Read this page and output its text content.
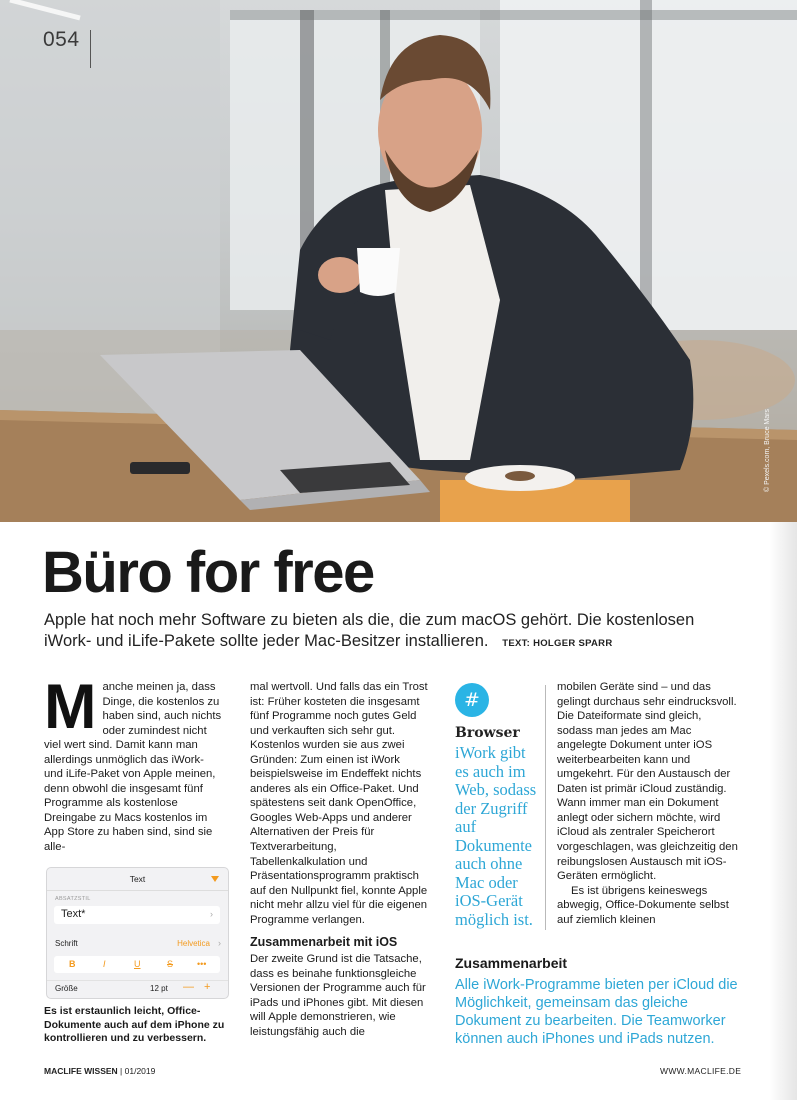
© Pexels.com, Bruce Mars
054
Büro for free
Apple hat noch mehr Software zu bieten als die, die zum macOS gehört. Die kostenlosen iWork- und iLife-Pakete sollte jeder Mac-Besitzer installieren. TEXT: HOLGER SPARR
M anche meinen ja, dass Dinge, die kostenlos zu haben sind, auch nichts oder zumindest nicht viel wert sind. Damit kann man allerdings unmöglich das iWork- und iLife-Paket von Apple meinen, denn obwohl die insgesamt fünf Programme als kostenlose Dreingabe zu Macs kostenlos im App Store zu haben sind, sind sie alle-

Text
ABSATZSTIL
Text*	›
Schrift	Helvetica ›
B	I	U	S	•••
Größe	12 pt — +
Es ist erstaunlich leicht, Office-Dokumente auch auf dem iPhone zu kontrollieren und zu verbessern.

mal wertvoll. Und falls das ein Trost ist: Früher kosteten die insgesamt fünf Programme noch gutes Geld und verkauften sich sehr gut. Kostenlos wurden sie aus zwei Gründen: Zum einen ist iWork beispielsweise im Endeffekt nichts anderes als ein Office-Paket. Und spätestens seit dank OpenOffice, Googles Web-Apps und anderer Alternativen der Preis für Textverarbeitung, Tabellenkalkulation und Präsentationsprogramm praktisch auf den Nullpunkt fiel, konnte Apple nicht mehr allzu viel für die eigenen Programme verlangen.

Zusammenarbeit mit iOS

Der zweite Grund ist die Tatsache, dass es beinahe funktionsgleiche Versionen der Programme auch für iPads und iPhones gibt. Mit diesen will Apple demonstrieren, wie leistungsfähig auch die

#
Browser
iWork gibt es auch im Web, sodass der Zugriff auf Dokumente auch ohne Mac oder iOS-Gerät möglich ist.

mobilen Geräte sind – und das gelingt durchaus sehr eindrucksvoll. Die Dateiformate sind gleich, sodass man jedes am Mac angelegte Dokument unter iOS weiterbearbeiten kann und umgekehrt. Für den Austausch der Daten ist primär iCloud zuständig. Wann immer man ein Dokument anlegt oder sichern möchte, wird iCloud als zentraler Speicherort vorgeschlagen, was gleichzeitig den reibungslosen Austausch mit iOS-Geräten ermöglicht.

Es ist übrigens keineswegs abwegig, Office-Dokumente selbst auf ziemlich kleinen

Zusammenarbeit

Alle iWork-Programme bieten per iCloud die Möglichkeit, gemeinsam das gleiche Dokument zu bearbeiten. Die Teamworker können auch iPhones und iPads nutzen.

MACLIFE WISSEN | 01/2019	WWW.MACLIFE.DE
